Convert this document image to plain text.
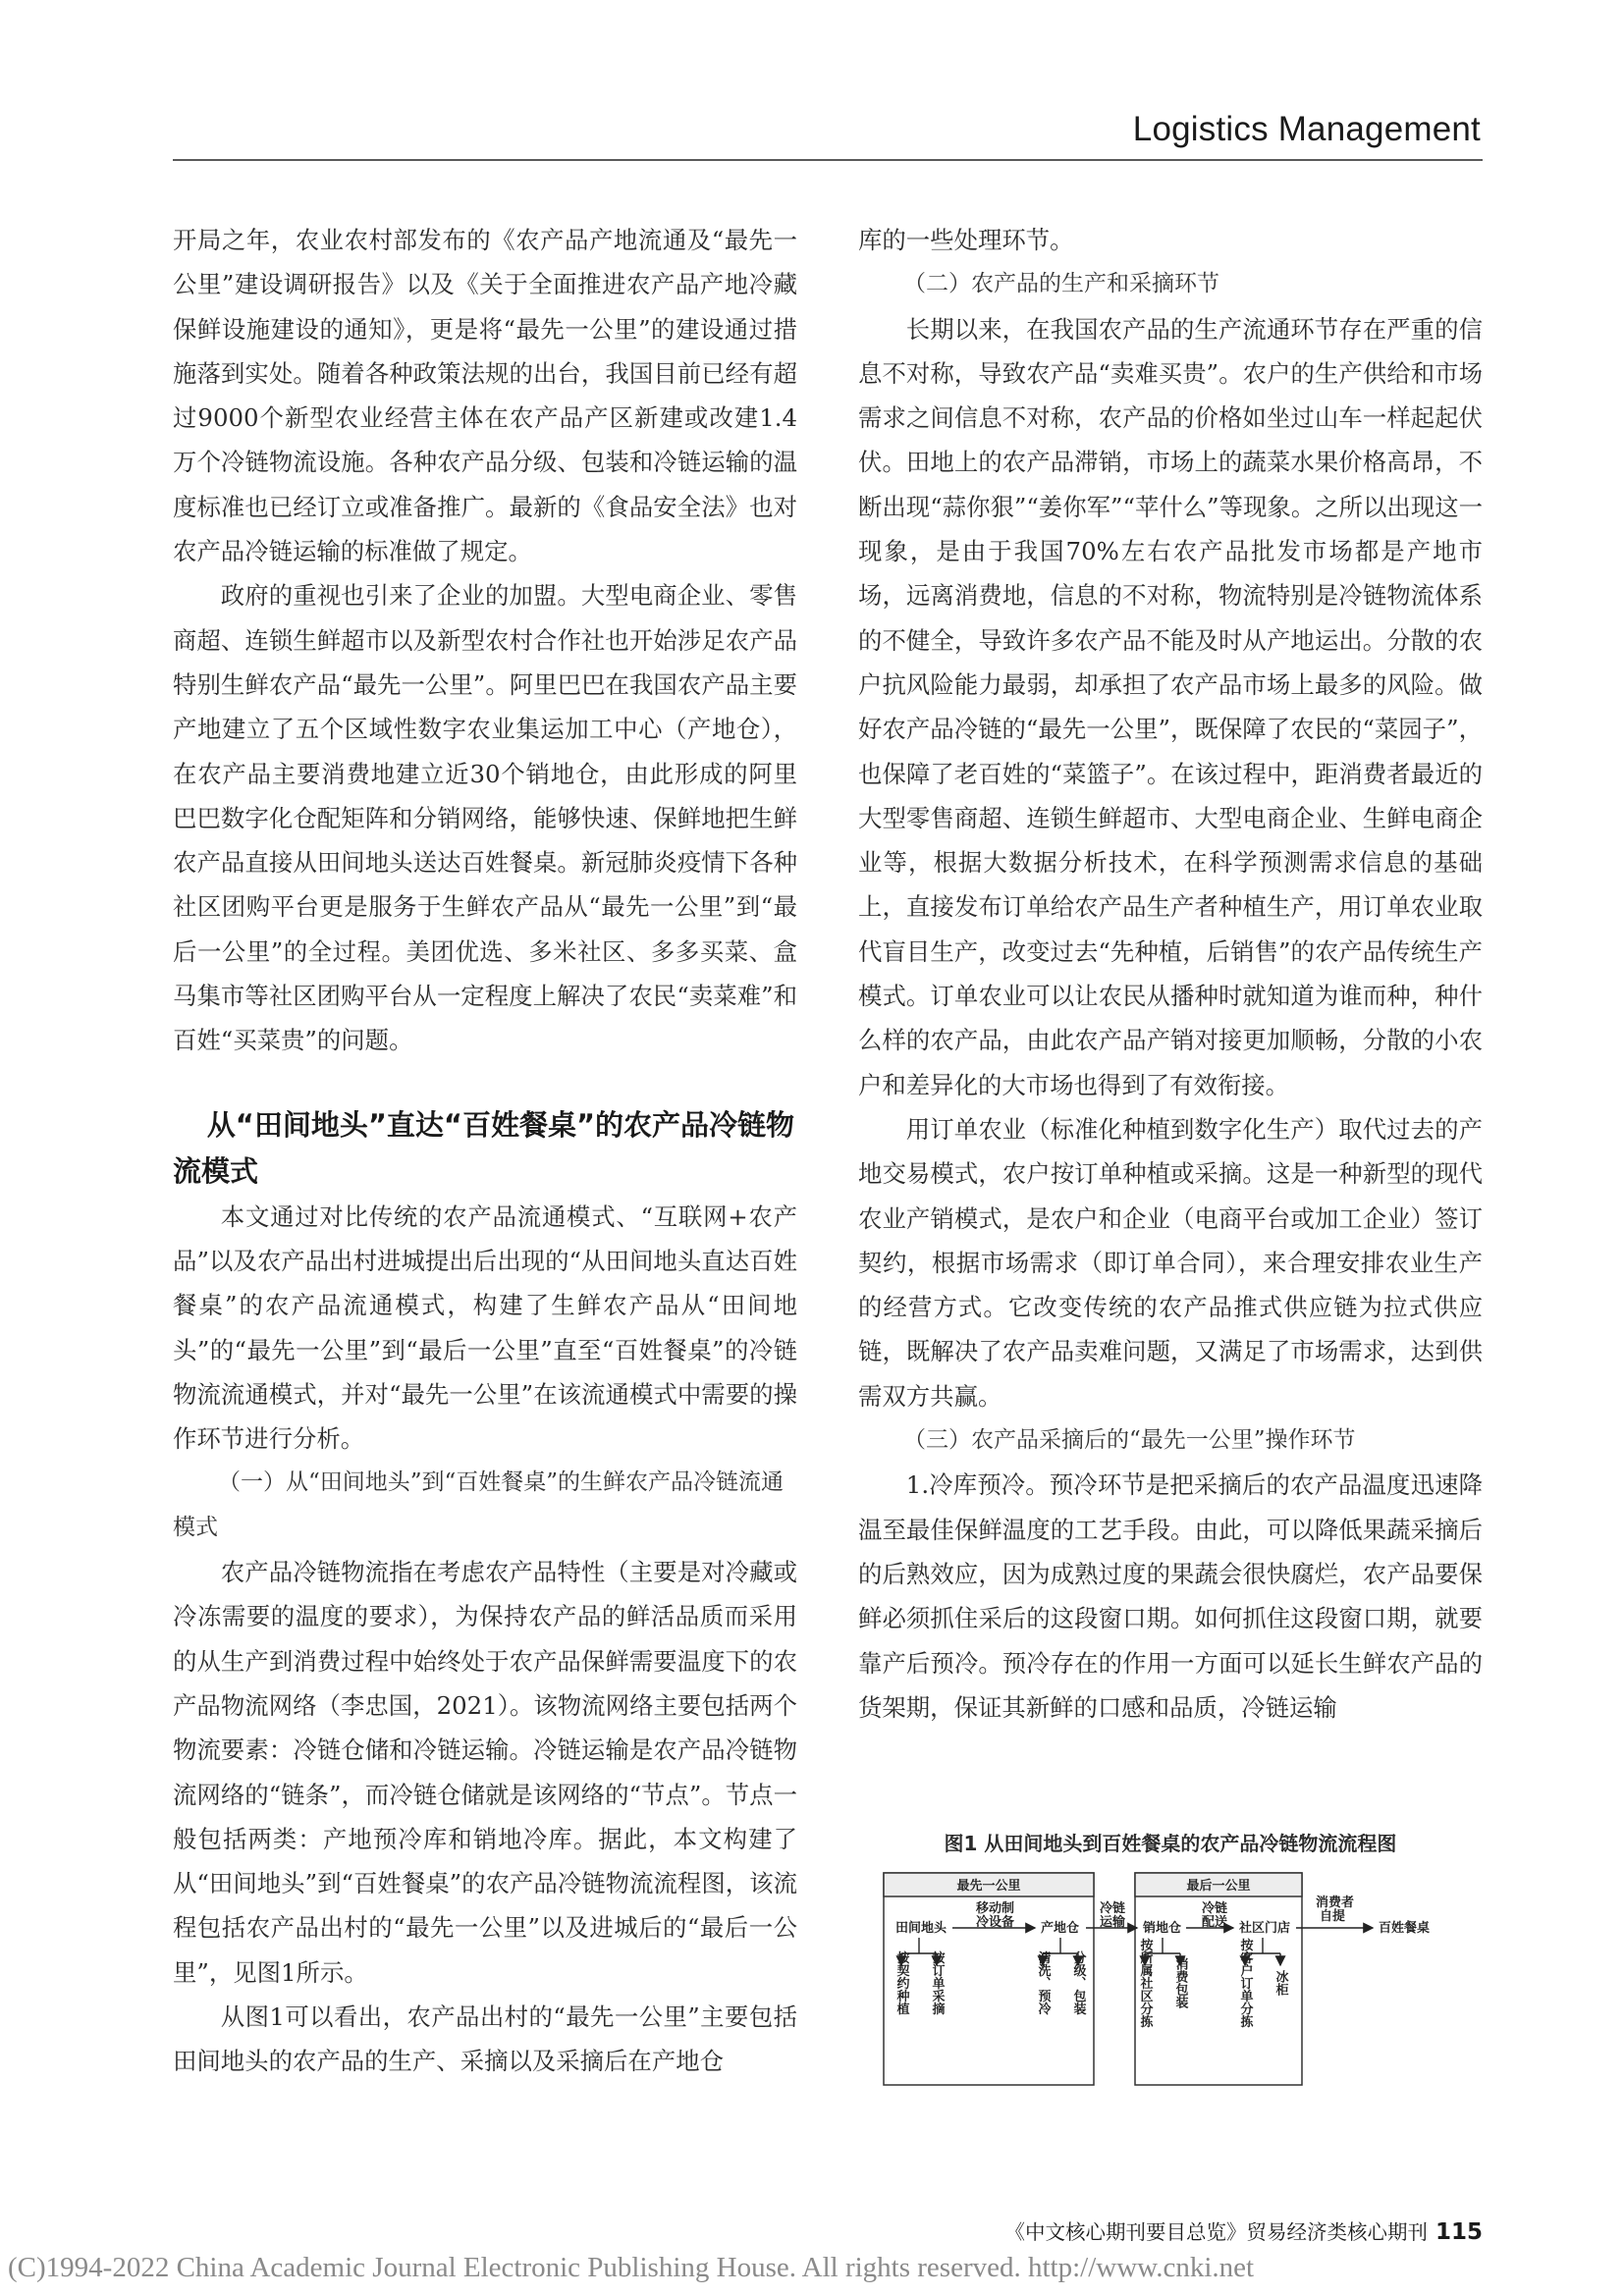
Logistics Management

开局之年，农业农村部发布的《农产品产地流通及“最先一公里”建设调研报告》以及《关于全面推进农产品产地冷藏保鲜设施建设的通知》，更是将“最先一公里”的建设通过措施落到实处。随着各种政策法规的出台，我国目前已经有超过9000个新型农业经营主体在农产品产区新建或改建1.4万个冷链物流设施。各种农产品分级、包装和冷链运输的温度标准也已经订立或准备推广。最新的《食品安全法》也对农产品冷链运输的标准做了规定。

政府的重视也引来了企业的加盟。大型电商企业、零售商超、连锁生鲜超市以及新型农村合作社也开始涉足农产品特别生鲜农产品“最先一公里”。阿里巴巴在我国农产品主要产地建立了五个区域性数字农业集运加工中心（产地仓），在农产品主要消费地建立近30个销地仓，由此形成的阿里巴巴数字化仓配矩阵和分销网络，能够快速、保鲜地把生鲜农产品直接从田间地头送达百姓餐桌。新冠肺炎疫情下各种社区团购平台更是服务于生鲜农产品从“最先一公里”到“最后一公里”的全过程。美团优选、多米社区、多多买菜、盒马集市等社区团购平台从一定程度上解决了农民“卖菜难”和百姓“买菜贵”的问题。

从“田间地头”直达“百姓餐桌”的农产品冷链物流模式

本文通过对比传统的农产品流通模式、“互联网+农产品”以及农产品出村进城提出后出现的“从田间地头直达百姓餐桌”的农产品流通模式，构建了生鲜农产品从“田间地头”的“最先一公里”到“最后一公里”直至“百姓餐桌”的冷链物流流通模式，并对“最先一公里”在该流通模式中需要的操作环节进行分析。

（一）从“田间地头”到“百姓餐桌”的生鲜农产品冷链流通模式

农产品冷链物流指在考虑农产品特性（主要是对冷藏或冷冻需要的温度的要求），为保持农产品的鲜活品质而采用的从生产到消费过程中始终处于农产品保鲜需要温度下的农产品物流网络（李忠国，2021）。该物流网络主要包括两个物流要素：冷链仓储和冷链运输。冷链运输是农产品冷链物流网络的“链条”，而冷链仓储就是该网络的“节点”。节点一般包括两类：产地预冷库和销地冷库。据此，本文构建了从“田间地头”到“百姓餐桌”的农产品冷链物流流程图，该流程包括农产品出村的“最先一公里”以及进城后的“最后一公里”，见图1所示。

从图1可以看出，农产品出村的“最先一公里”主要包括田间地头的农产品的生产、采摘以及采摘后在产地仓

库的一些处理环节。

（二）农产品的生产和采摘环节

长期以来，在我国农产品的生产流通环节存在严重的信息不对称，导致农产品“卖难买贵”。农户的生产供给和市场需求之间信息不对称，农产品的价格如坐过山车一样起起伏伏。田地上的农产品滞销，市场上的蔬菜水果价格高昂，不断出现“蒜你狠”“姜你军”“苹什么”等现象。之所以出现这一现象，是由于我国70%左右农产品批发市场都是产地市场，远离消费地，信息的不对称，物流特别是冷链物流体系的不健全，导致许多农产品不能及时从产地运出。分散的农户抗风险能力最弱，却承担了农产品市场上最多的风险。做好农产品冷链的“最先一公里”，既保障了农民的“菜园子”，也保障了老百姓的“菜篮子”。在该过程中，距消费者最近的大型零售商超、连锁生鲜超市、大型电商企业、生鲜电商企业等，根据大数据分析技术，在科学预测需求信息的基础上，直接发布订单给农产品生产者种植生产，用订单农业取代盲目生产，改变过去“先种植，后销售”的农产品传统生产模式。订单农业可以让农民从播种时就知道为谁而种，种什么样的农产品，由此农产品产销对接更加顺畅，分散的小农户和差异化的大市场也得到了有效衔接。

用订单农业（标准化种植到数字化生产）取代过去的产地交易模式，农户按订单种植或采摘。这是一种新型的现代农业产销模式，是农户和企业（电商平台或加工企业）签订契约，根据市场需求（即订单合同），来合理安排农业生产的经营方式。它改变传统的农产品推式供应链为拉式供应链，既解决了农产品卖难问题，又满足了市场需求，达到供需双方共赢。

（三）农产品采摘后的“最先一公里”操作环节

1.冷库预冷。预冷环节是把采摘后的农产品温度迅速降温至最佳保鲜温度的工艺手段。由此，可以降低果蔬采摘后的后熟效应，因为成熟过度的果蔬会很快腐烂，农产品要保鲜必须抓住采后的这段窗口期。如何抓住这段窗口期，就要靠产后预冷。预冷存在的作用一方面可以延长生鲜农产品的货架期，保证其新鲜的口感和品质，冷链运输

图1 从田间地头到百姓餐桌的农产品冷链物流流程图

最先一公里	最后一公里
田间地头
移动制
冷设备 产地仓
冷链
运输 销地仓
冷链
配送 社区门店
消费者
自提
百姓餐桌
按契约种植 按订单采摘	清洗、预冷 分级、包装	按所属社区分拣 消费包装	按客户订单分拣 冰柜
《中文核心期刊要目总览》贸易经济类核心期刊 115
(C)1994-2022 China Academic Journal Electronic Publishing House. All rights reserved. http://www.cnki.net
